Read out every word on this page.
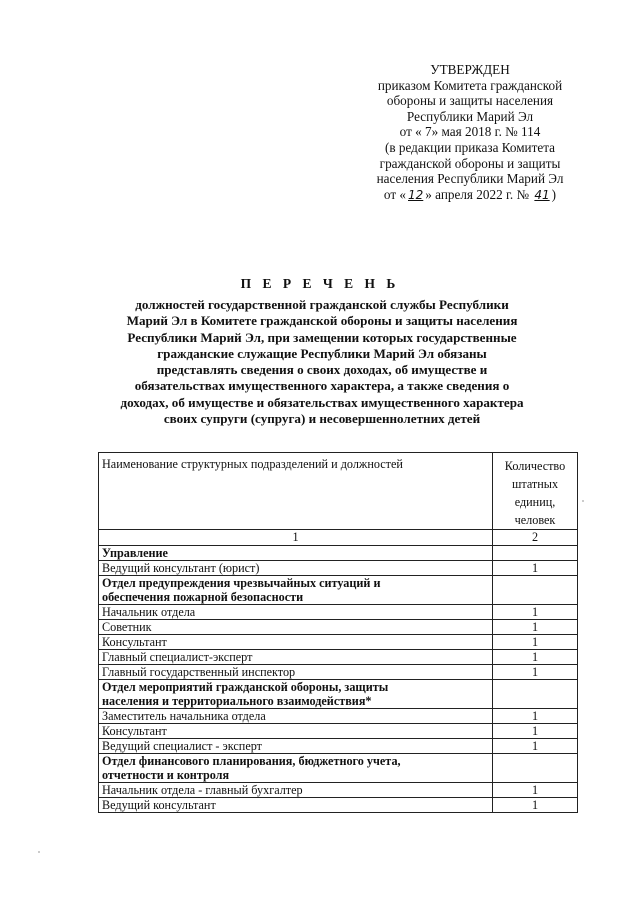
УТВЕРЖДЕН
приказом Комитета гражданской
обороны и защиты населения
Республики Марий Эл
от « 7» мая 2018 г. № 114
(в редакции приказа Комитета
гражданской обороны и защиты
населения Республики Марий Эл
от « 12 » апреля 2022 г. № 41 )
П Е Р Е Ч Е Н Ь
должностей государственной гражданской службы Республики
Марий Эл в Комитете гражданской обороны и защиты населения
Республики Марий Эл, при замещении которых государственные
гражданские служащие Республики Марий Эл обязаны
представлять сведения о своих доходах, об имуществе и
обязательствах имущественного характера, а также сведения о
доходах, об имуществе и обязательствах имущественного характера
своих супруги (супруга) и несовершеннолетних детей
Наименование структурных подразделений и должностей	Количество
штатных
единиц,
человек

1	2
Управление	
Ведущий консультант (юрист)	1

Отдел предупреждения чрезвычайных ситуаций и
обеспечения пожарной безопасности	

Начальник отдела	1
Советник	1
Консультант	1
Главный специалист-эксперт	1
Главный государственный инспектор	1

Отдел мероприятий гражданской обороны, защиты
населения и территориального взаимодействия*	

Заместитель начальника отдела	1
Консультант	1
Ведущий специалист - эксперт	1

Отдел финансового планирования, бюджетного учета,
отчетности и контроля	

Начальник отдела - главный бухгалтер	1
Ведущий консультант	1
